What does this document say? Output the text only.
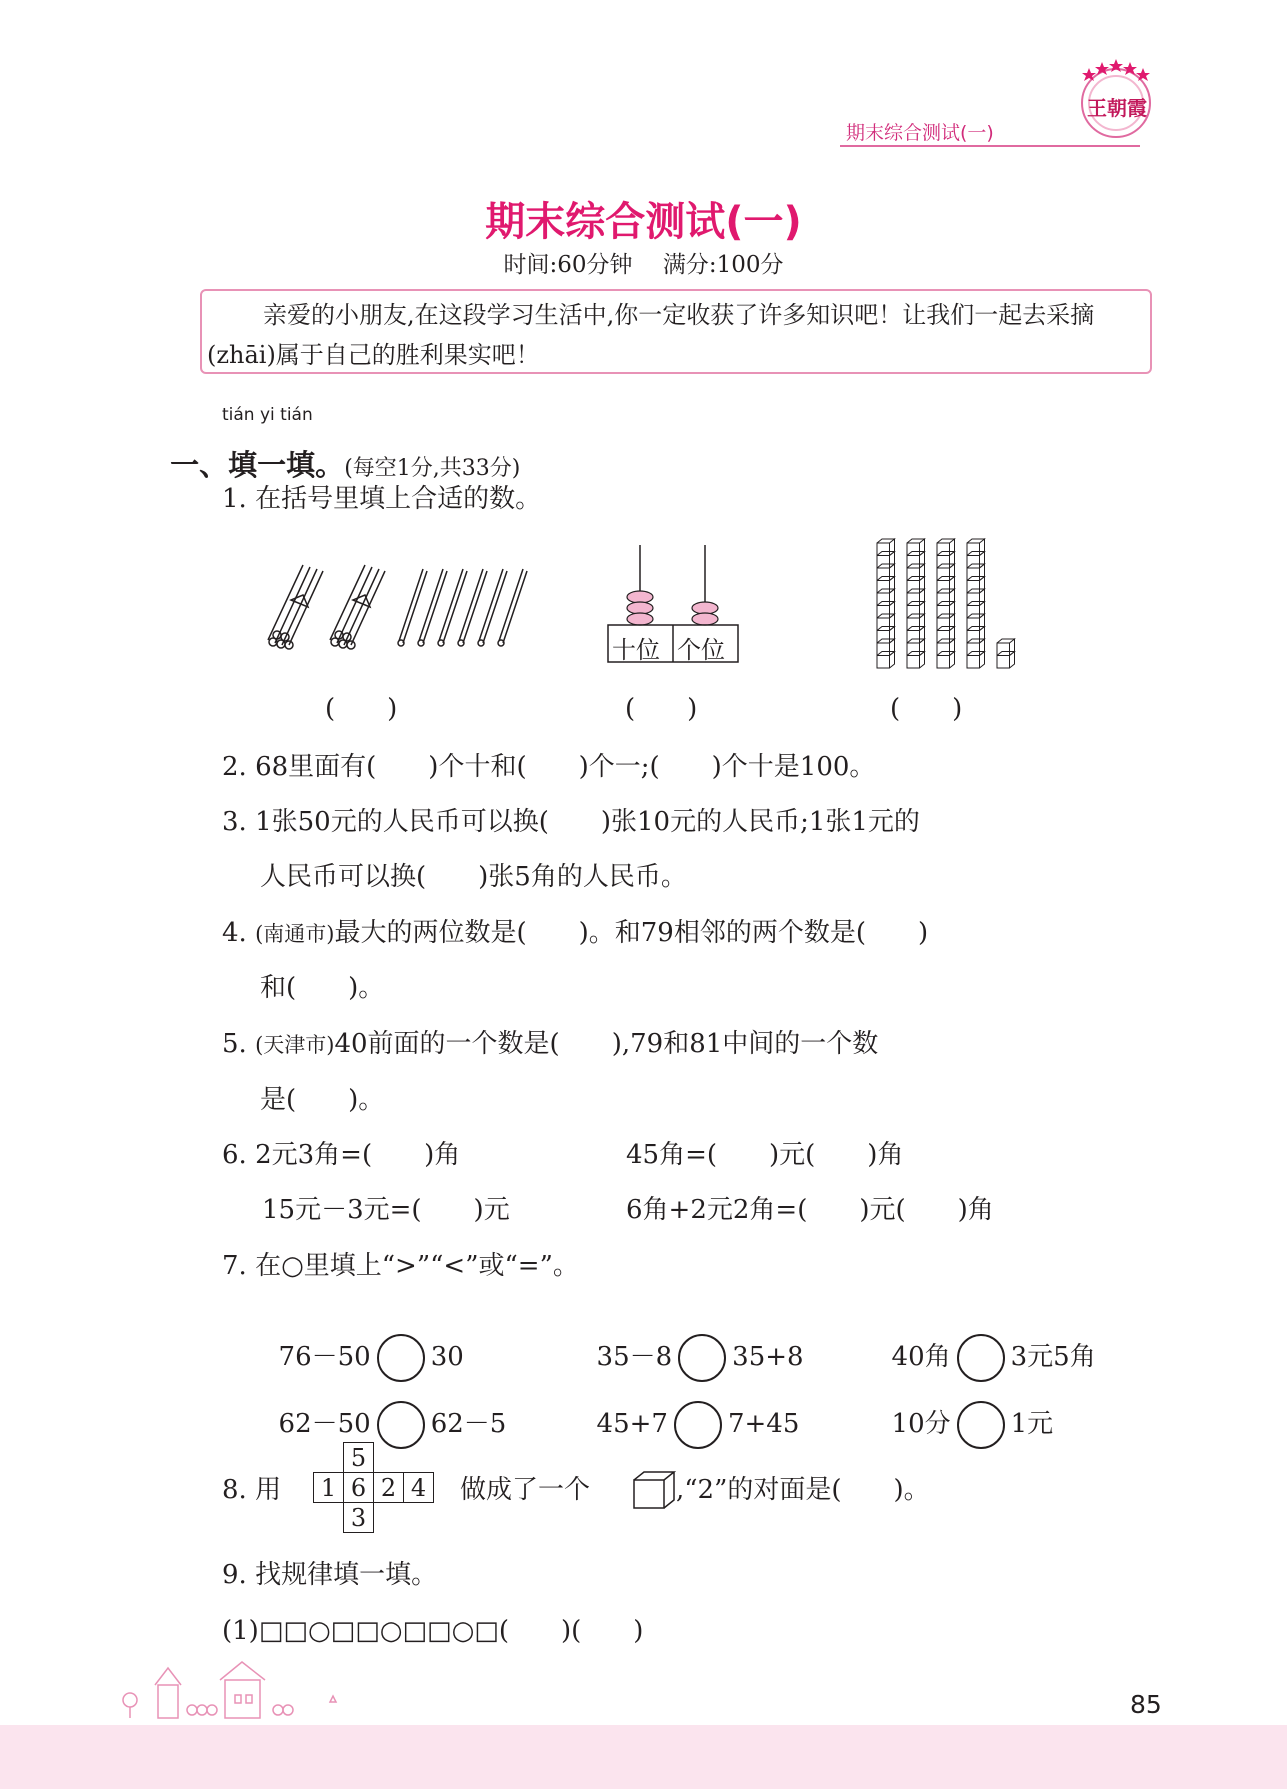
王朝霞
期末综合测试(一)
期末综合测试(一)
时间:60分钟　 满分:100分
亲爱的小朋友,在这段学习生活中,你一定收获了许多知识吧！让我们一起去采摘(zhāi)属于自己的胜利果实吧！
tián yi tián

一、填一填。(每空1分,共33分)

1. 在括号里填上合适的数。
十位 个位
(　　)	(　　)	(　　)
2. 68里面有(　　)个十和(　　)个一;(　　)个十是100。
3. 1张50元的人民币可以换(　　)张10元的人民币;1张1元的
人民币可以换(　　)张5角的人民币。
4. (南通市)最大的两位数是(　　)。和79相邻的两个数是(　　)
和(　　)。
5. (天津市)40前面的一个数是(　　),79和81中间的一个数
是(　　)。
6. 2元3角=(　　)角	45角=(　　)元(　　)角
15元－3元=(　　)元	6角+2元2角=(　　)元(　　)角
7. 在○里填上“>”“<”或“=”。

76－50 30	35－8 35+8	40角 3元5角

62－50 62－5	45+7 7+45	10分 1元

8. 用
	5		
1	6	2	4
	3		
做成了一个	,“2”的对面是(　　)。
9. 找规律填一填。
(1)□□○□□○□□○□(　　)(　　)
85
